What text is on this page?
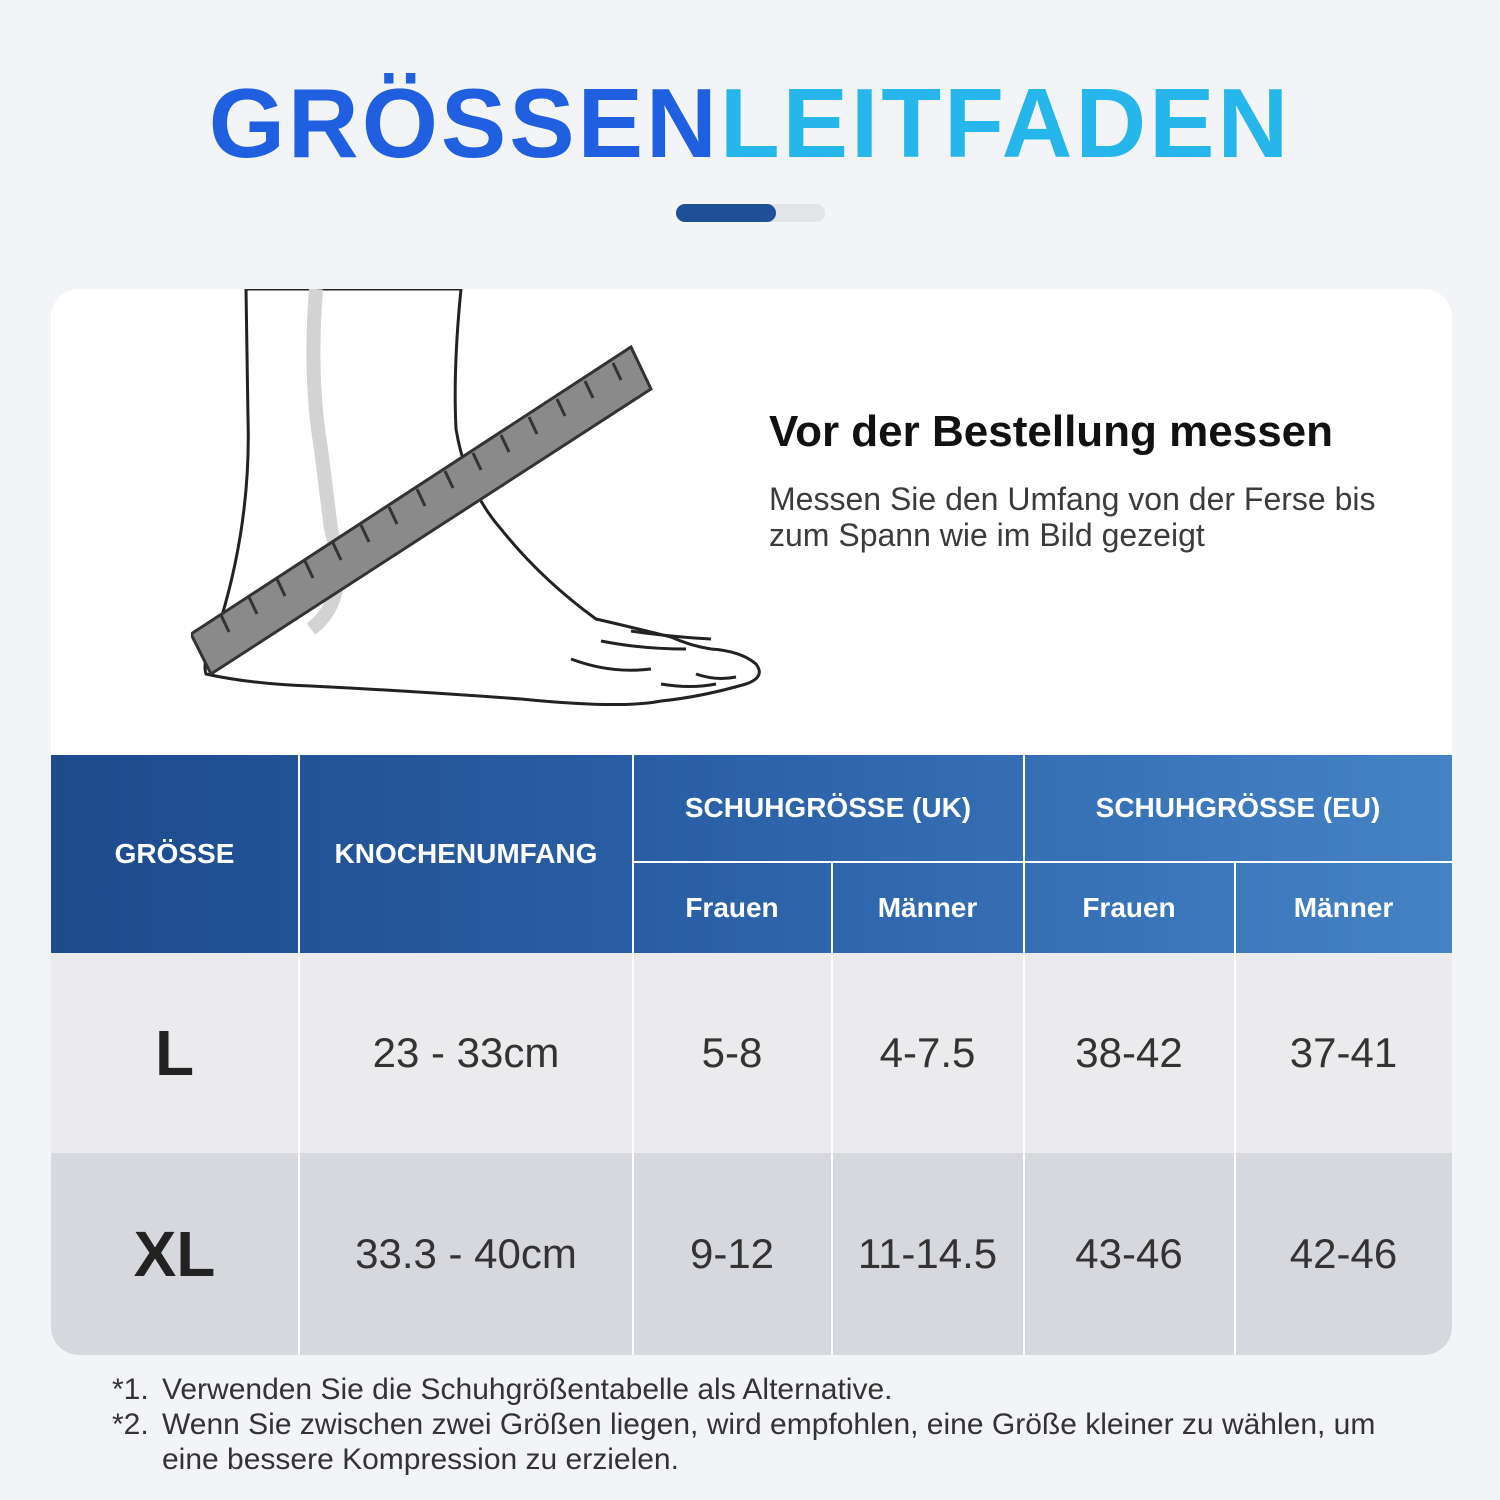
GRÖSSENLEITFADEN
Vor der Bestellung messen
Messen Sie den Umfang von der Ferse bis zum Spann wie im Bild gezeigt
GRÖSSE	KNOCHENUMFANG
SCHUHGRÖSSE (UK)	SCHUHGRÖSSE (EU)
Frauen	Männer	Frauen	Männer
L	23 - 33cm	5-8	4-7.5	38-42	37-41
XL	33.3 - 40cm	9-12	11-14.5	43-46	42-46
*1. Verwenden Sie die Schuhgrößentabelle als Alternative.
*2. Wenn Sie zwischen zwei Größen liegen, wird empfohlen, eine Größe kleiner zu wählen, um eine bessere Kompression zu erzielen.
